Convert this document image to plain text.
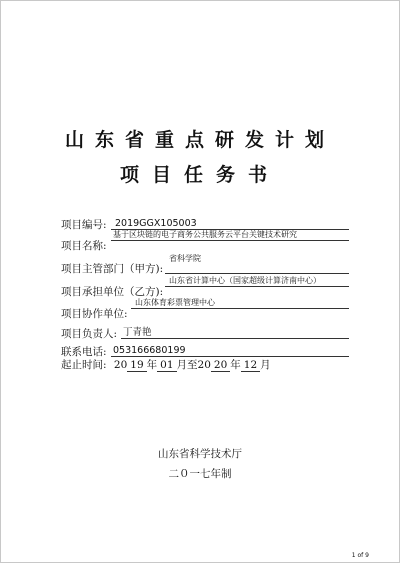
山东省重点研发计划
项目任务书
项目编号: 2019GGX105003
项目名称:
基于区块链的电子商务公共服务云平台关键技术研究
项目主管部门（甲方):
省科学院
项目承担单位（乙方):
山东省计算中心（国家超级计算济南中心）
项目协作单位:
山东体育彩票管理中心
项目负责人: 丁青艳
联系电话: 053166680199
起止时间: 20 19 年 01 月至20 20 年 12 月
山东省科学技术厅
二０一七年制
1 of 9
